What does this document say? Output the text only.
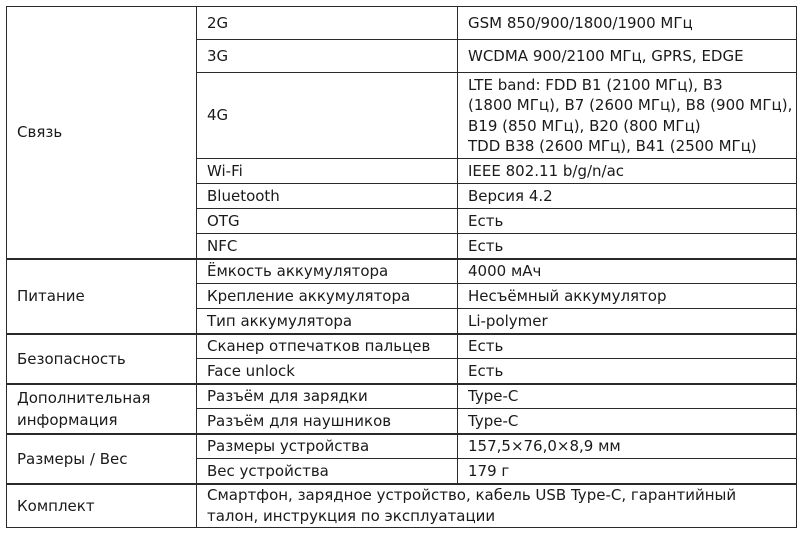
Связь	2G	GSM 850/900/1800/1900 МГц
	3G	WCDMA 900/2100 МГц, GPRS, EDGE
	4G	LTE band: FDD B1 (2100 МГц), B3
(1800 МГц), B7 (2600 МГц), B8 (900 МГц),
B19 (850 МГц), B20 (800 МГц)
TDD B38 (2600 МГц), B41 (2500 МГц)

	Wi-Fi	IEEE 802.11 b/g/n/ac
	Bluetooth	Версия 4.2
	OTG	Есть
	NFC	Есть
Питание	Ёмкость аккумулятора	4000 мАч
	Крепление аккумулятора	Несъёмный аккумулятор
	Тип аккумулятора	Li-polymer
Безопасность	Сканер отпечатков пальцев	Есть
	Face unlock	Есть

Дополнительная
информация	Разъём для зарядки	Type-C
	Разъём для наушников	Type-C
Размеры / Вес	Размеры устройства	157,5×76,0×8,9 мм
	Вес устройства	179 г
Комплект	Смартфон, зарядное устройство, кабель USB Type-C, гарантийный
талон, инструкция по эксплуатации	
